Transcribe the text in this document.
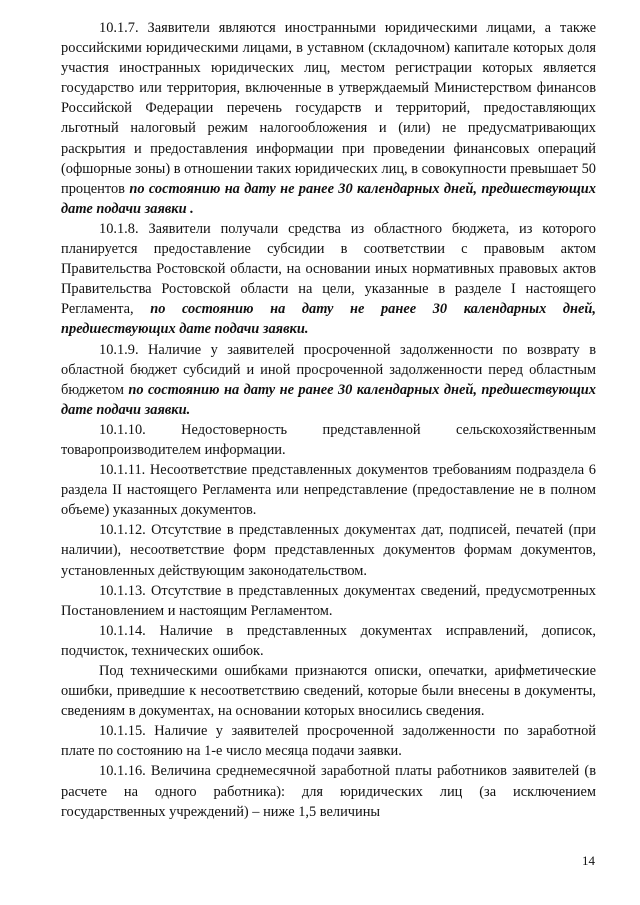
10.1.7. Заявители являются иностранными юридическими лицами, а также российскими юридическими лицами, в уставном (складочном) капитале которых доля участия иностранных юридических лиц, местом регистрации которых является государство или территория, включенные в утверждаемый Министерством финансов Российской Федерации перечень государств и территорий, предоставляющих льготный налоговый режим налогообложения и (или) не предусматривающих раскрытия и предоставления информации при проведении финансовых операций (офшорные зоны) в отношении таких юридических лиц, в совокупности превышает 50 процентов по состоянию на дату не ранее 30 календарных дней, предшествующих дате подачи заявки .

10.1.8. Заявители получали средства из областного бюджета, из которого планируется предоставление субсидии в соответствии с правовым актом Правительства Ростовской области, на основании иных нормативных правовых актов Правительства Ростовской области на цели, указанные в разделе I настоящего Регламента, по состоянию на дату не ранее 30 календарных дней, предшествующих дате подачи заявки.

10.1.9. Наличие у заявителей просроченной задолженности по возврату в областной бюджет субсидий и иной просроченной задолженности перед областным бюджетом по состоянию на дату не ранее 30 календарных дней, предшествующих дате подачи заявки.

10.1.10. Недостоверность представленной сельскохозяйственным товаропроизводителем информации.

10.1.11. Несоответствие представленных документов требованиям подраздела 6 раздела II настоящего Регламента или непредставление (предоставление не в полном объеме) указанных документов.

10.1.12. Отсутствие в представленных документах дат, подписей, печатей (при наличии), несоответствие форм представленных документов формам документов, установленных действующим законодательством.

10.1.13. Отсутствие в представленных документах сведений, предусмотренных Постановлением и настоящим Регламентом.

10.1.14. Наличие в представленных документах исправлений, дописок, подчисток, технических ошибок.

Под техническими ошибками признаются описки, опечатки, арифметические ошибки, приведшие к несоответствию сведений, которые были внесены в документы, сведениям в документах, на основании которых вносились сведения.

10.1.15. Наличие у заявителей просроченной задолженности по заработной плате по состоянию на 1-е число месяца подачи заявки.

10.1.16. Величина среднемесячной заработной платы работников заявителей (в расчете на одного работника): для юридических лиц (за исключением государственных учреждений) – ниже 1,5 величины

14
